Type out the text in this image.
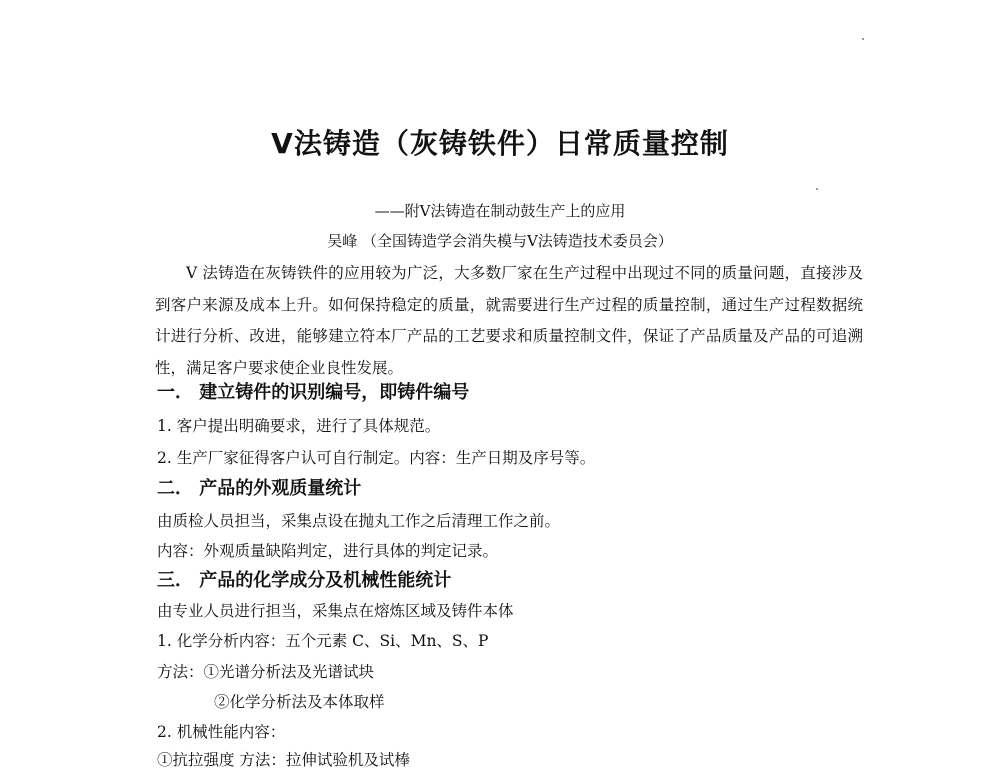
V法铸造（灰铸铁件）日常质量控制
——附V法铸造在制动鼓生产上的应用
吴峰 （全国铸造学会消失模与V法铸造技术委员会）
V 法铸造在灰铸铁件的应用较为广泛，大多数厂家在生产过程中出现过不同的质量问题，直接涉及到客户来源及成本上升。如何保持稳定的质量，就需要进行生产过程的质量控制，通过生产过程数据统计进行分析、改进，能够建立符本厂产品的工艺要求和质量控制文件，保证了产品质量及产品的可追溯性，满足客户要求使企业良性发展。
一． 建立铸件的识别编号，即铸件编号
1. 客户提出明确要求，进行了具体规范。
2. 生产厂家征得客户认可自行制定。内容：生产日期及序号等。
二． 产品的外观质量统计
由质检人员担当，采集点设在抛丸工作之后清理工作之前。
内容：外观质量缺陷判定，进行具体的判定记录。
三． 产品的化学成分及机械性能统计
由专业人员进行担当，采集点在熔炼区域及铸件本体
1. 化学分析内容：五个元素 C、Si、Mn、S、P
方法：①光谱分析法及光谱试块
②化学分析法及本体取样
2. 机械性能内容：
①抗拉强度 方法：拉伸试验机及试棒
